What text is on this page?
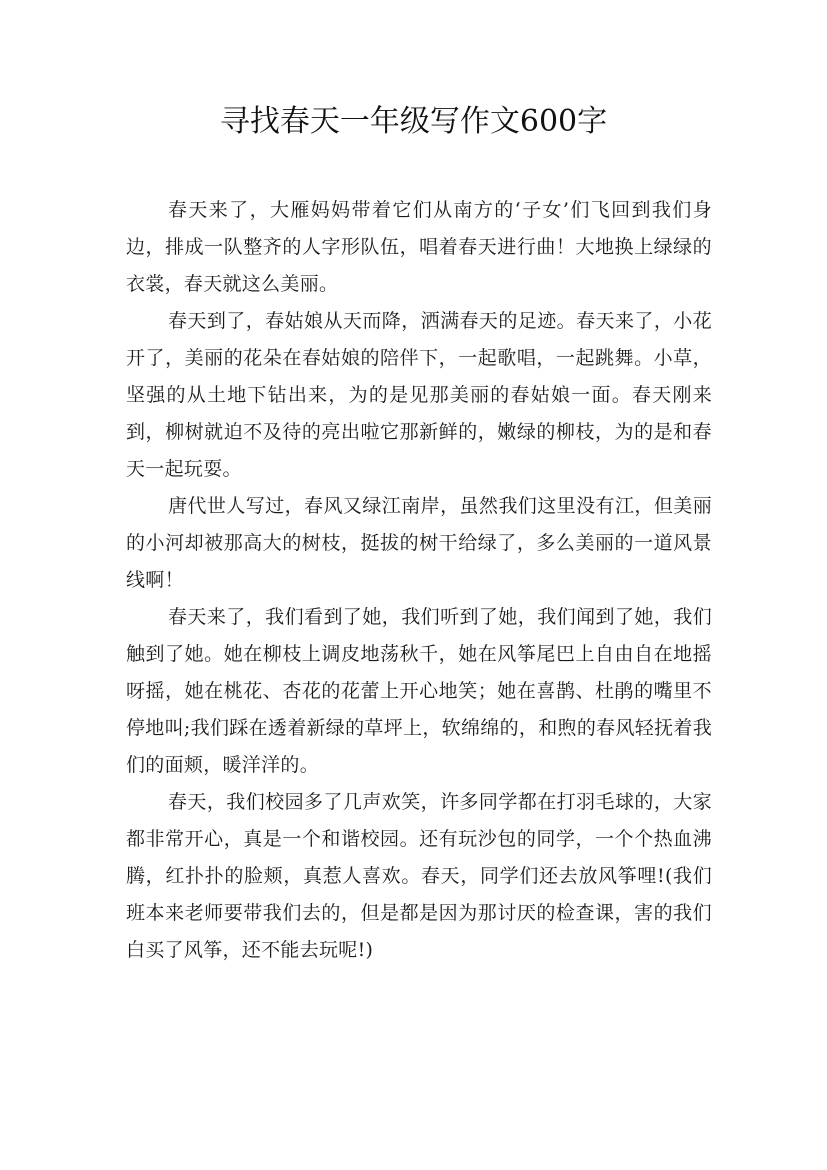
寻找春天一年级写作文600字

春天来了，大雁妈妈带着它们从南方的‘子女’们飞回到我们身边，排成一队整齐的人字形队伍，唱着春天进行曲！大地换上绿绿的衣裳，春天就这么美丽。

春天到了，春姑娘从天而降，洒满春天的足迹。春天来了，小花开了，美丽的花朵在春姑娘的陪伴下，一起歌唱，一起跳舞。小草，坚强的从土地下钻出来，为的是见那美丽的春姑娘一面。春天刚来到，柳树就迫不及待的亮出啦它那新鲜的，嫩绿的柳枝，为的是和春天一起玩耍。

唐代世人写过，春风又绿江南岸，虽然我们这里没有江，但美丽的小河却被那高大的树枝，挺拔的树干给绿了，多么美丽的一道风景线啊！

春天来了，我们看到了她，我们听到了她，我们闻到了她，我们触到了她。她在柳枝上调皮地荡秋千，她在风筝尾巴上自由自在地摇呀摇，她在桃花、杏花的花蕾上开心地笑；她在喜鹊、杜鹃的嘴里不停地叫;我们踩在透着新绿的草坪上，软绵绵的，和煦的春风轻抚着我们的面颊，暖洋洋的。

春天，我们校园多了几声欢笑，许多同学都在打羽毛球的，大家都非常开心，真是一个和谐校园。还有玩沙包的同学，一个个热血沸腾，红扑扑的脸颊，真惹人喜欢。春天，同学们还去放风筝哩!(我们班本来老师要带我们去的，但是都是因为那讨厌的检查课，害的我们白买了风筝，还不能去玩呢!)
